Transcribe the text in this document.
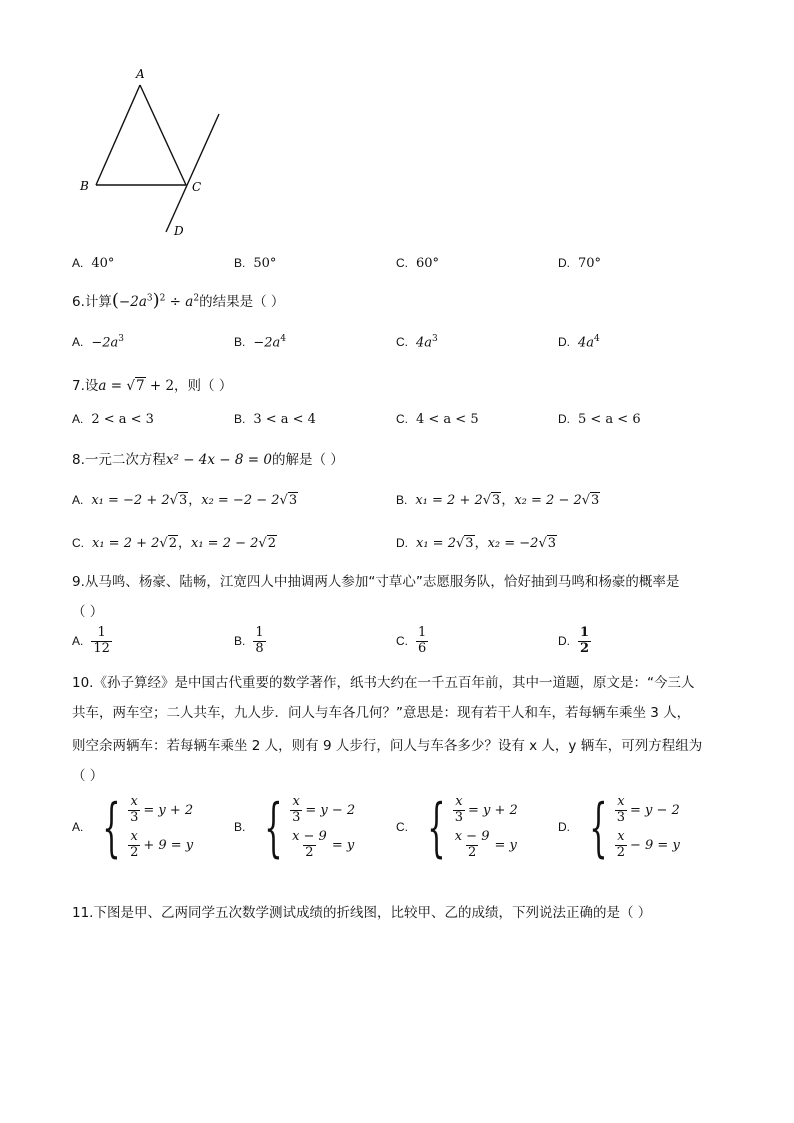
A
B	C
D
A. 40°	B. 50°	C. 60°	D. 70°
6.计算$(-2a^3)^2 \div a^2$的结果是（ ）
A. $-2a^3$	B. $-2a^4$	C. $4a^3$	D. $4a^4$
7.设a = √7 + 2，则（ ）
A. 2 < a < 3	B. 3 < a < 4	C. 4 < a < 5	D. 5 < a < 6
8.一元二次方程x² − 4x − 8 = 0的解是（ ）
A. x₁ = −2 + 2√3，x₂ = −2 − 2√3	B. x₁ = 2 + 2√3，x₂ = 2 − 2√3
C. x₁ = 2 + 2√2，x₁ = 2 − 2√2	D. x₁ = 2√3，x₂ = −2√3
9.从马鸣、杨豪、陆畅，江宽四人中抽调两人参加“寸草心”志愿服务队，恰好抽到马鸣和杨豪的概率是
（ ）
A. $\frac{1}{12}$	B. $\frac{1}{8}$	C. $\frac{1}{6}$	D. $\frac{1}{2}$
10.《孙子算经》是中国古代重要的数学著作，纸书大约在一千五百年前，其中一道题，原文是：“今三人
共车，两车空；二人共车，九人步．问人与车各几何？”意思是：现有若干人和车，若每辆车乘坐 3 人，
则空余两辆车：若每辆车乘坐 2 人，则有 9 人步行，问人与车各多少？设有 x 人，y 辆车，可列方程组为
（ ）
A. { $\frac{x}{3} = y + 2$
$\frac{x}{2} + 9 = y$
B. { $\frac{x}{3} = y - 2$
$\frac{x - 9}{2} = y$
C. { $\frac{x}{3} = y + 2$
$\frac{x - 9}{2} = y$
D. { $\frac{x}{3} = y - 2$
$\frac{x}{2} - 9 = y$
11.下图是甲、乙两同学五次数学测试成绩的折线图，比较甲、乙的成绩，下列说法正确的是（ ）
